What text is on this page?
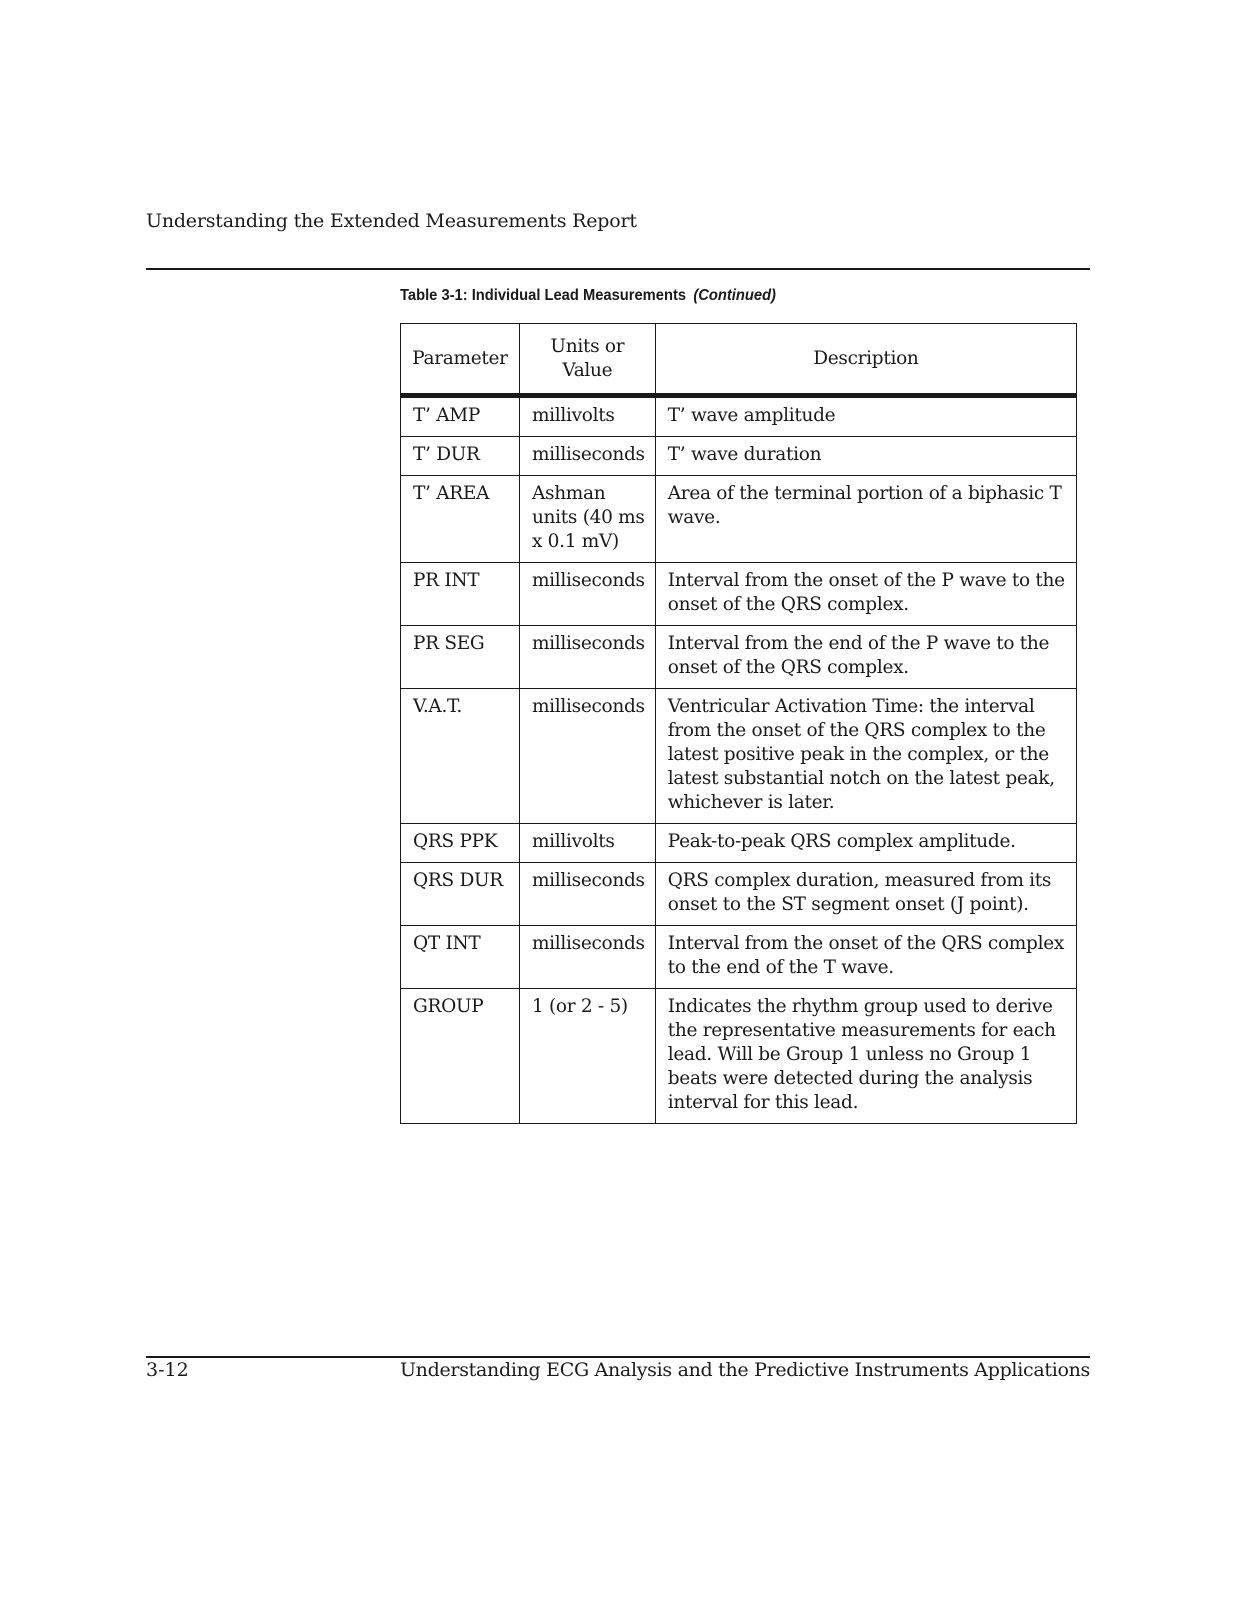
Understanding the Extended Measurements Report
Table 3-1: Individual Lead Measurements (Continued)
Parameter	Units or Value	Description
T’ AMP	millivolts	T’ wave amplitude
T’ DUR	milliseconds	T’ wave duration
T’ AREA	Ashman units (40 ms x 0.1 mV)	Area of the terminal portion of a biphasic T wave.
PR INT	milliseconds	Interval from the onset of the P wave to the onset of the QRS complex.
PR SEG	milliseconds	Interval from the end of the P wave to the onset of the QRS complex.
V.A.T.	milliseconds	Ventricular Activation Time: the interval from the onset of the QRS complex to the latest positive peak in the complex, or the latest substantial notch on the latest peak, whichever is later.
QRS PPK	millivolts	Peak-to-peak QRS complex amplitude.
QRS DUR	milliseconds	QRS complex duration, measured from its onset to the ST segment onset (J point).
QT INT	milliseconds	Interval from the onset of the QRS complex to the end of the T wave.
GROUP	1 (or 2 - 5)	Indicates the rhythm group used to derive the representative measurements for each lead. Will be Group 1 unless no Group 1 beats were detected during the analysis interval for this lead.
3-12	Understanding ECG Analysis and the Predictive Instruments Applications
